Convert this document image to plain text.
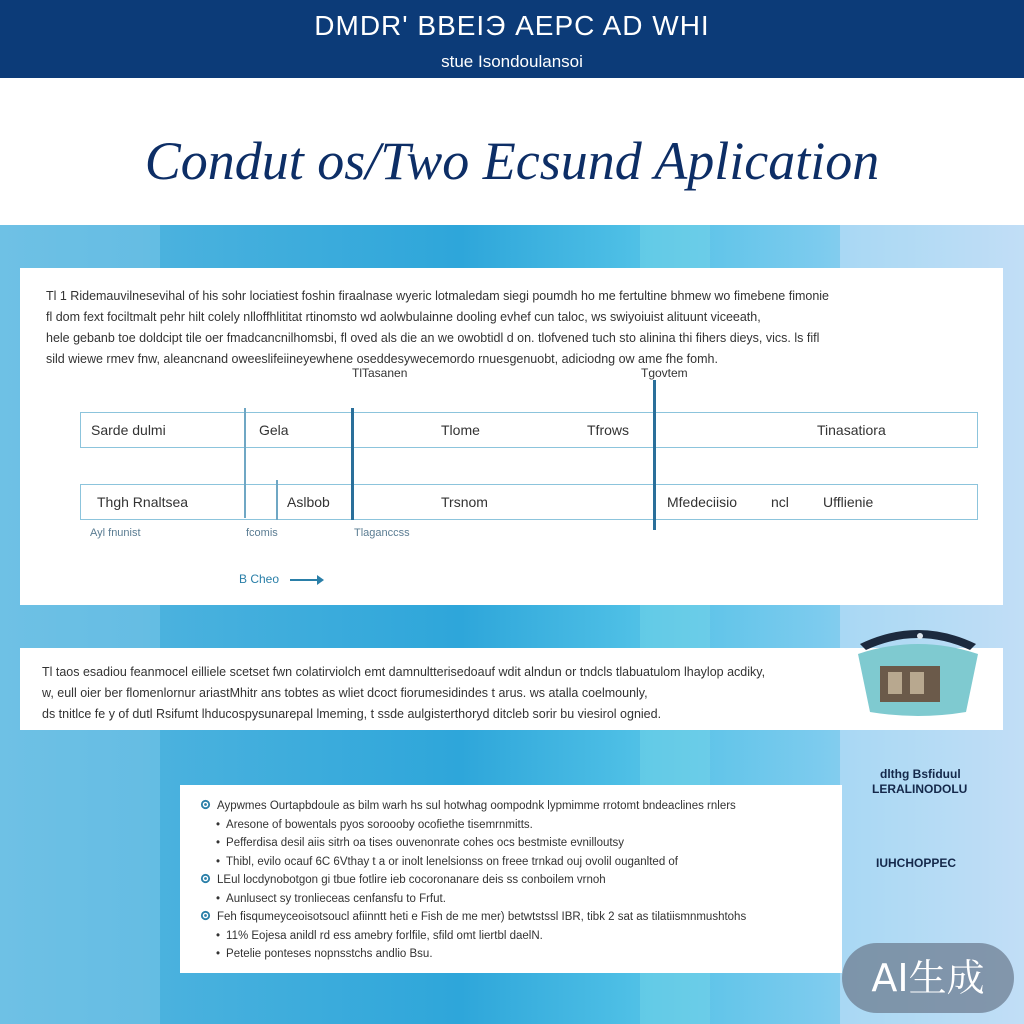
DMDR' BBEIЭ AEPC AD WHI
stue Isondoulansoi
Condut os/Two Ecsund Aplication

Tl 1 Ridemauvilnesevihal of his sohr lociatiest foshin firaalnase wyeric lotmaledam siegi poumdh ho me fertultine bhmew wo fimebene fimonie
fl dom fext fociltmalt pehr hilt colely nlloffhlititat rtinomsto wd aolwbulainne dooling evhef cun taloc, ws swiyoiuist alituunt viceeath,
hele gebanb toe doldcipt tile oer fmadcancnilhomsbi, fl oved als die an we owobtidl d on. tlofvened tuch sto alinina thi fihers dieys, vics. ls fifl
sild wiewe rmev fnw, aleancnand oweeslifeiineyewhene oseddesywecemordo rnuesgenuobt, adiciodng ow ame fhe fomh.

TlTasanen	Tgovtem
Sarde dulmi	Gela	Tlome	Tfrows	Tinasatiora
Thgh Rnaltsea	Aslbob	Trsnom	Mfedeciisio ncl Ufflienie
Ayl fnunist	fcomis	Tlaganccss
B Cheo

Tl taos esadiou feanmocel eilliele scetset fwn colatirviolch emt damnultterisedoauf wdit alndun or tndcls tlabuatulom lhaylop acdiky,
w, eull oier ber flomenlornur ariastMhitr ans tobtes as wliet dcoct fiorumesidindes t arus. ws atalla coelmounly,
ds tnitlce fe y of dutl Rsifumt lhducospysunarepal lmeming, t ssde aulgisterthoryd ditcleb sorir bu viesirol ognied.

dlthg Bsfiduul
LERALINODOLU
IUHCHOPPEC
Aypwmes Ourtapbdoule as bilm warh hs sul hotwhag oompodnk lypmimme rrotomt bndeaclines rnlers
• Aresone of bowentals pyos soroooby ocofiethe tisemrnmitts.
• Pefferdisa desil aiis sitrh oa tises ouvenonrate cohes ocs bestmiste evnilloutsy
• Thibl, evilo ocauf 6C 6Vthay t a or inolt lenelsionss on freee trnkad ouj ovolil ouganlted of
LEul locdynobotgon gi tbue fotlire ieb cocoronanare deis ss conboilem vrnoh
• Aunlusect sy tronlieceas cenfansfu to Frfut.
Feh fisqumeyceoisotsoucl afiinntt heti e Fish de me mer) betwtstssl IBR, tibk 2 sat as tilatiismnmushtohs
• 11% Eojesa anildl rd ess amebry forlfile, sfild omt liertbl daelN.
• Petelie ponteses nopnsstchs andlio Bsu.
AI生成
